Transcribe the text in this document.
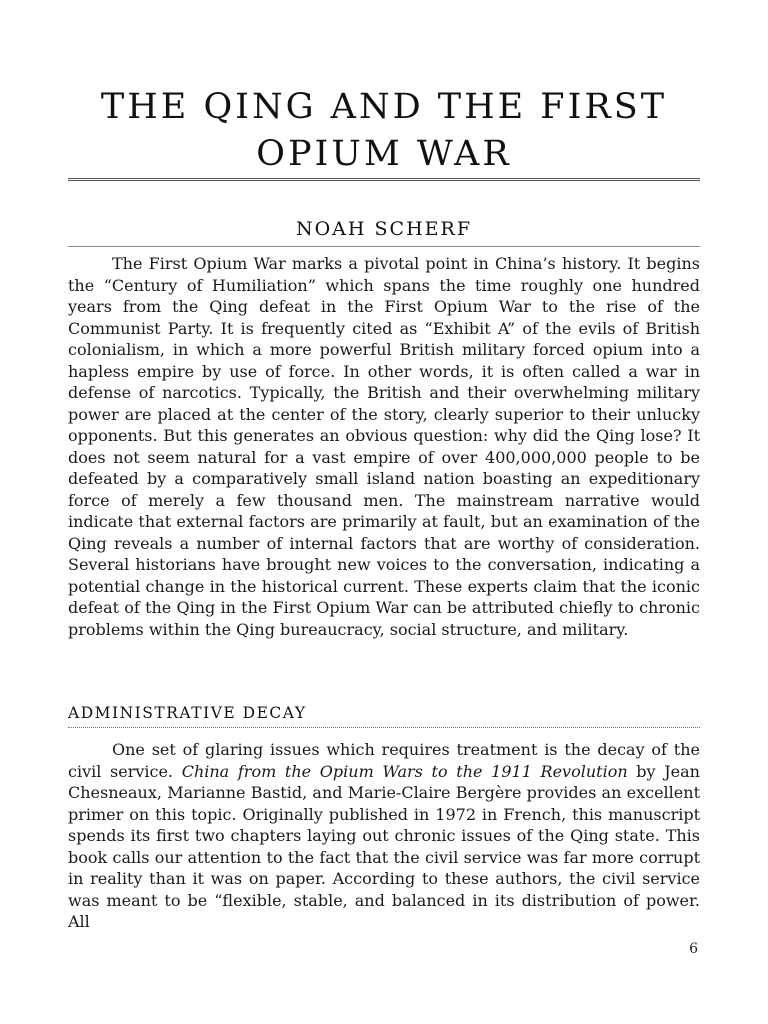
THE QING AND THE FIRST OPIUM WAR

NOAH SCHERF

The First Opium War marks a pivotal point in China’s history. It begins the “Century of Humiliation” which spans the time roughly one hundred years from the Qing defeat in the First Opium War to the rise of the Communist Party. It is frequently cited as “Exhibit A” of the evils of British colonialism, in which a more powerful British military forced opium into a hapless empire by use of force. In other words, it is often called a war in defense of narcotics. Typically, the British and their overwhelming military power are placed at the center of the story, clearly superior to their unlucky opponents. But this generates an obvious question: why did the Qing lose? It does not seem natural for a vast empire of over 400,000,000 people to be defeated by a comparatively small island nation boasting an expeditionary force of merely a few thousand men. The mainstream narrative would indicate that external factors are primarily at fault, but an examination of the Qing reveals a number of internal factors that are worthy of consideration. Several historians have brought new voices to the conversation, indicating a potential change in the historical current. These experts claim that the iconic defeat of the Qing in the First Opium War can be attributed chiefly to chronic problems within the Qing bureaucracy, social structure, and military.

ADMINISTRATIVE DECAY

One set of glaring issues which requires treatment is the decay of the civil service. China from the Opium Wars to the 1911 Revolution by Jean Chesneaux, Marianne Bastid, and Marie-Claire Bergère provides an excellent primer on this topic. Originally published in 1972 in French, this manuscript spends its first two chapters laying out chronic issues of the Qing state. This book calls our attention to the fact that the civil service was far more corrupt in reality than it was on paper. According to these authors, the civil service was meant to be “flexible, stable, and balanced in its distribution of power. All

6
